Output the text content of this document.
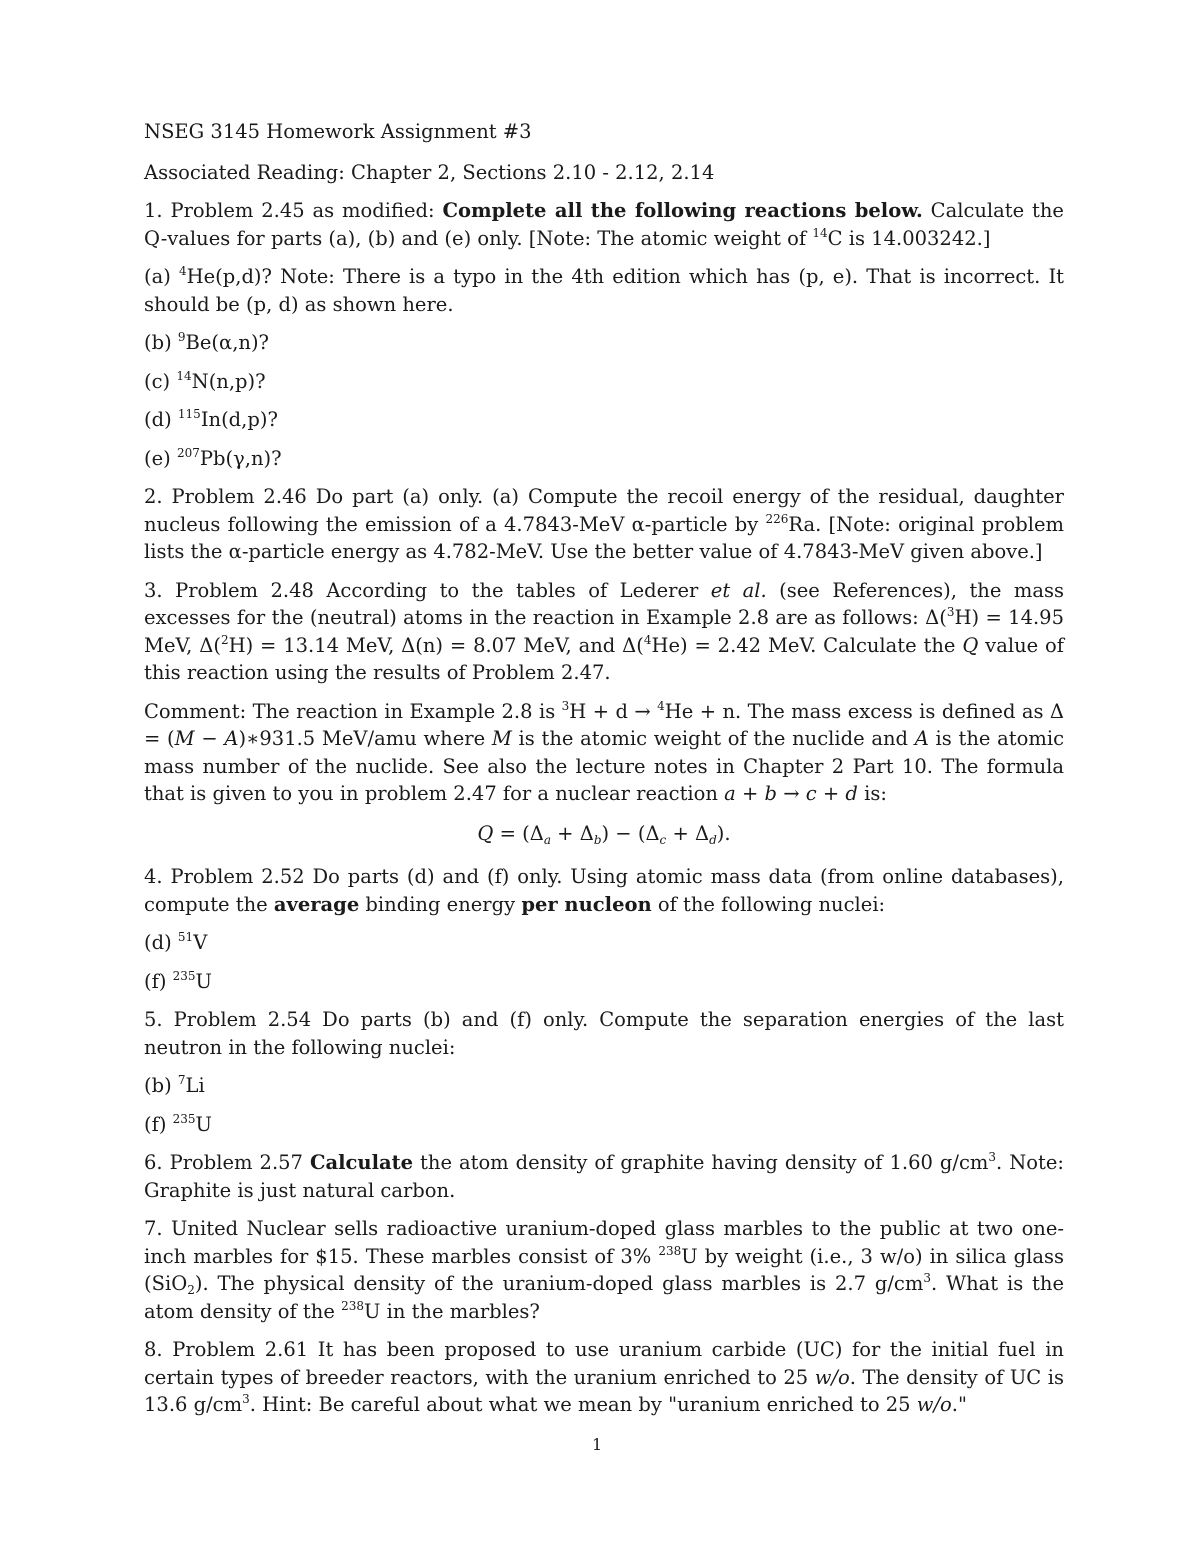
NSEG 3145 Homework Assignment #3

Associated Reading: Chapter 2, Sections 2.10 - 2.12, 2.14

1. Problem 2.45 as modified: Complete all the following reactions below. Calculate the Q-values for parts (a), (b) and (e) only. [Note: The atomic weight of $^{14}$C is 14.003242.]

(a) $^4$He(p,d)? Note: There is a typo in the 4th edition which has (p, e). That is incorrect. It should be (p, d) as shown here.

(b) $^9$Be(α,n)?

(c) $^{14}$N(n,p)?

(d) $^{115}$In(d,p)?

(e) $^{207}$Pb(γ,n)?

2. Problem 2.46 Do part (a) only. (a) Compute the recoil energy of the residual, daughter nucleus following the emission of a 4.7843-MeV α-particle by $^{226}$Ra. [Note: original problem lists the α-particle energy as 4.782-MeV. Use the better value of 4.7843-MeV given above.]

3. Problem 2.48 According to the tables of Lederer et al. (see References), the mass excesses for the (neutral) atoms in the reaction in Example 2.8 are as follows: Δ($^3$H) = 14.95 MeV, Δ($^2$H) = 13.14 MeV, Δ(n) = 8.07 MeV, and Δ($^4$He) = 2.42 MeV. Calculate the Q value of this reaction using the results of Problem 2.47.

Comment: The reaction in Example 2.8 is $^3$H + d → $^4$He + n. The mass excess is defined as Δ = (M − A)∗931.5 MeV/amu where M is the atomic weight of the nuclide and A is the atomic mass number of the nuclide. See also the lecture notes in Chapter 2 Part 10. The formula that is given to you in problem 2.47 for a nuclear reaction a + b → c + d is:

$Q = (\Delta_a + \Delta_b) - (\Delta_c + \Delta_d)$.

4. Problem 2.52 Do parts (d) and (f) only. Using atomic mass data (from online databases), compute the average binding energy per nucleon of the following nuclei:

(d) $^{51}$V

(f) $^{235}$U

5. Problem 2.54 Do parts (b) and (f) only. Compute the separation energies of the last neutron in the following nuclei:

(b) $^7$Li

(f) $^{235}$U

6. Problem 2.57 Calculate the atom density of graphite having density of 1.60 $g/cm^3$. Note: Graphite is just natural carbon.

7. United Nuclear sells radioactive uranium-doped glass marbles to the public at two one-inch marbles for $15. These marbles consist of 3% $^{238}$U by weight (i.e., 3 w/o) in silica glass (SiO$_2$). The physical density of the uranium-doped glass marbles is 2.7 $g/cm^3$. What is the atom density of the $^{238}$U in the marbles?

8. Problem 2.61 It has been proposed to use uranium carbide (UC) for the initial fuel in certain types of breeder reactors, with the uranium enriched to 25 w/o. The density of UC is 13.6 $g/cm^3$. Hint: Be careful about what we mean by "uranium enriched to 25 w/o."

1
